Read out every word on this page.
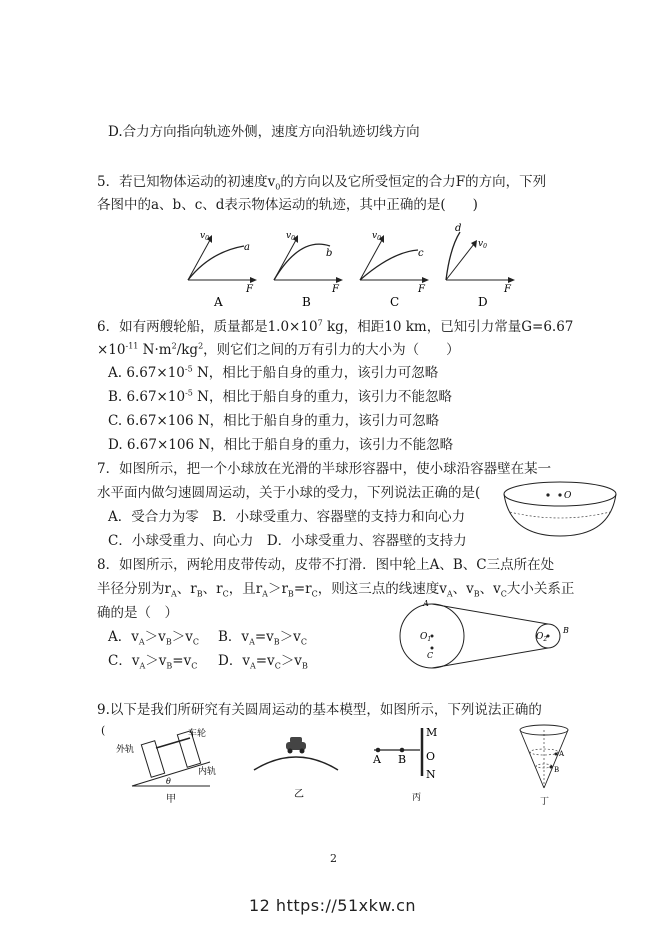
D.合力方向指向轨迹外侧，速度方向沿轨迹切线方向
5．若已知物体运动的初速度$v_0$的方向以及它所受恒定的合力F的方向，下列
各图中的a、b、c、d表示物体运动的轨迹，其中正确的是(　　)
$v_0$
a
F
A
$v_0$
b
F
B
$v_0$
c
F
C
d
$v_0$
F
D
6．如有两艘轮船，质量都是$1.0\times 10^7$ kg，相距10 km，已知引力常量G=6.67
$\times 10^{-11}$ $N\cdot m^2/kg^2$，则它们之间的万有引力的大小为（　　）
A. $6.67\times 10^{-5}$ N，相比于船自身的重力，该引力可忽略
B. $6.67\times 10^{-5}$ N，相比于船自身的重力，该引力不能忽略
C. 6.67×106 N，相比于船自身的重力，该引力可忽略
D. 6.67×106 N，相比于船自身的重力，该引力不能忽略
7．如图所示，把一个小球放在光滑的半球形容器中，使小球沿容器壁在某一
水平面内做匀速圆周运动，关于小球的受力，下列说法正确的是(
A．受合力为零　B．小球受重力、容器壁的支持力和向心力
C．小球受重力、向心力　D．小球受重力、容器壁的支持力
O
8．如图所示，两轮用皮带传动，皮带不打滑．图中轮上A、B、C三点所在处
半径分别为$r_A$、$r_B$、$r_C$，且$r_A>r_B=r_C$，则这三点的线速度$v_A$、$v_B$、$v_C$大小关系正
确的是（　）
A．$v_A>v_B>v_C$ B．$v_A=v_B>v_C$
C．$v_A>v_B=v_C$ D．$v_A=v_C>v_B$
$O_1$	$O_2$
A
B
C
9.以下是我们所研究有关圆周运动的基本模型，如图所示，下列说法正确的
(
外轨
车轮
内轨
θ
甲	乙
A B
M
O
N
丙
A
B
丁
2
12 https://51xkw.cn
